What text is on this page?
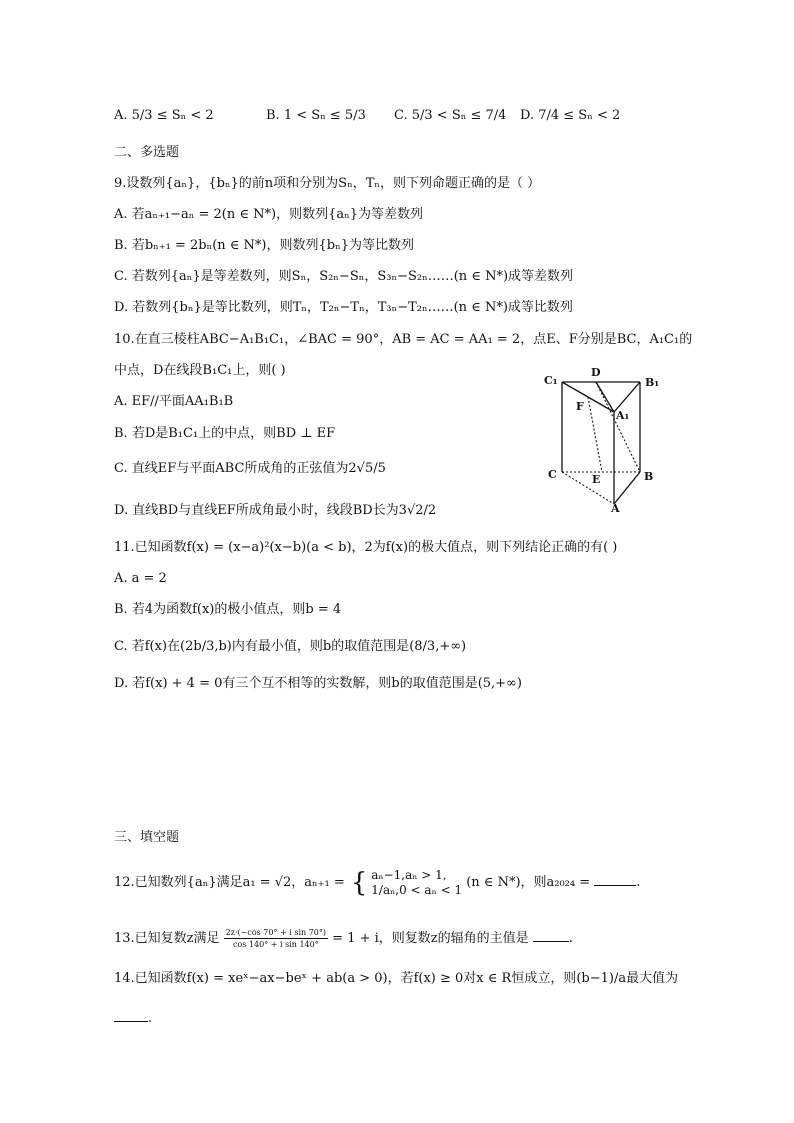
A. 5/3 ≤ Sₙ < 2	B. 1 < Sₙ ≤ 5/3 C. 5/3 < Sₙ ≤ 7/4 D. 7/4 ≤ Sₙ < 2
二、多选题
9.设数列{aₙ}，{bₙ}的前n项和分别为Sₙ，Tₙ，则下列命题正确的是（ ）
A. 若aₙ₊₁−aₙ = 2(n ∈ N*)，则数列{aₙ}为等差数列
B. 若bₙ₊₁ = 2bₙ(n ∈ N*)，则数列{bₙ}为等比数列
C. 若数列{aₙ}是等差数列，则Sₙ，S₂ₙ−Sₙ，S₃ₙ−S₂ₙ……(n ∈ N*)成等差数列
D. 若数列{bₙ}是等比数列，则Tₙ，T₂ₙ−Tₙ，T₃ₙ−T₂ₙ……(n ∈ N*)成等比数列
10.在直三棱柱ABC−A₁B₁C₁，∠BAC = 90°，AB = AC = AA₁ = 2，点E、F分别是BC，A₁C₁的
中点，D在线段B₁C₁上，则( )
A. EF//平面AA₁B₁B
B. 若D是B₁C₁上的中点，则BD ⊥ EF
C. 直线EF与平面ABC所成角的正弦值为2√5/5
D. 直线BD与直线EF所成角最小时，线段BD长为3√2/2
C₁
D
B₁
F
A₁
C	E	B
A
11.已知函数f(x) = (x−a)²(x−b)(a < b)，2为f(x)的极大值点，则下列结论正确的有( )
A. a = 2
B. 若4为函数f(x)的极小值点，则b = 4
C. 若f(x)在(2b/3,b)内有最小值，则b的取值范围是(8/3,+∞)
D. 若f(x) + 4 = 0有三个互不相等的实数解，则b的取值范围是(5,+∞)
三、填空题
12.已知数列{aₙ}满足a₁ = √2，aₙ₊₁ = { aₙ−1,aₙ > 1,
1/aₙ,0 < aₙ < 1 (n ∈ N*)，则a₂₀₂₄ =	.
13.已知复数z满足 $\frac{\text{2z·(−cos 70° + i sin 70°)}}{\text{cos 140° + i sin 140°}} = 1 + i$，则复数z的辐角的主值是	.
14.已知函数f(x) = xeˣ−ax−beˣ + ab(a > 0)，若f(x) ≥ 0对x ∈ R恒成立，则(b−1)/a最大值为
.
